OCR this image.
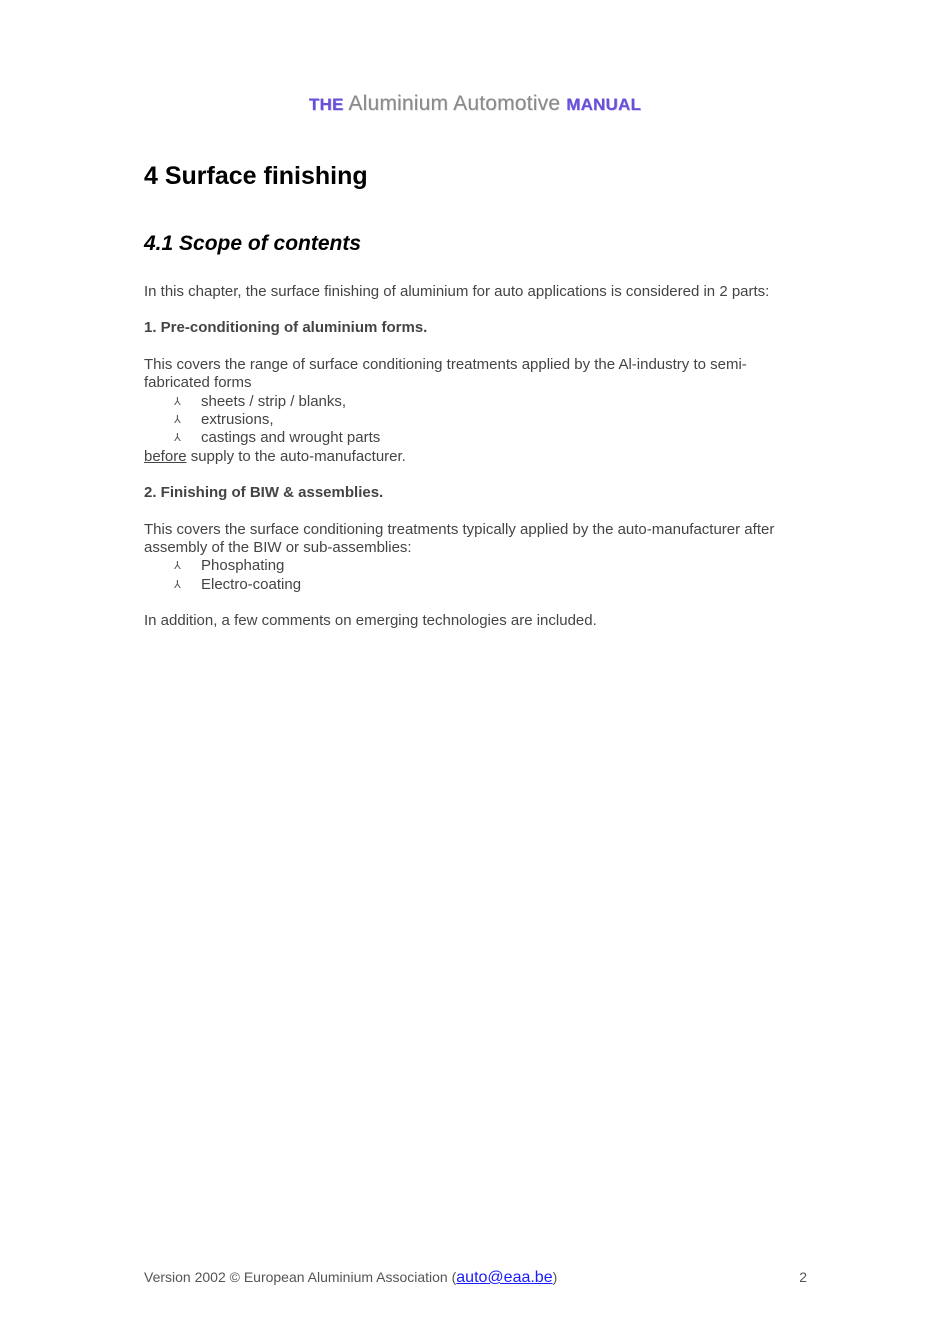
THE Aluminium Automotive MANUAL
4 Surface finishing
4.1 Scope of contents

In this chapter, the surface finishing of aluminium for auto applications is considered in 2 parts:

1. Pre-conditioning of aluminium forms.

This covers the range of surface conditioning treatments applied by the Al-industry to semi-fabricated forms

⅄ sheets / strip / blanks,
⅄ extrusions,
⅄ castings and wrought parts

before supply to the auto-manufacturer.

2. Finishing of BIW & assemblies.

This covers the surface conditioning treatments typically applied by the auto-manufacturer after assembly of the BIW or sub-assemblies:

⅄ Phosphating
⅄ Electro-coating

In addition, a few comments on emerging technologies are included.

Version 2002 © European Aluminium Association (auto@eaa.be)	2
